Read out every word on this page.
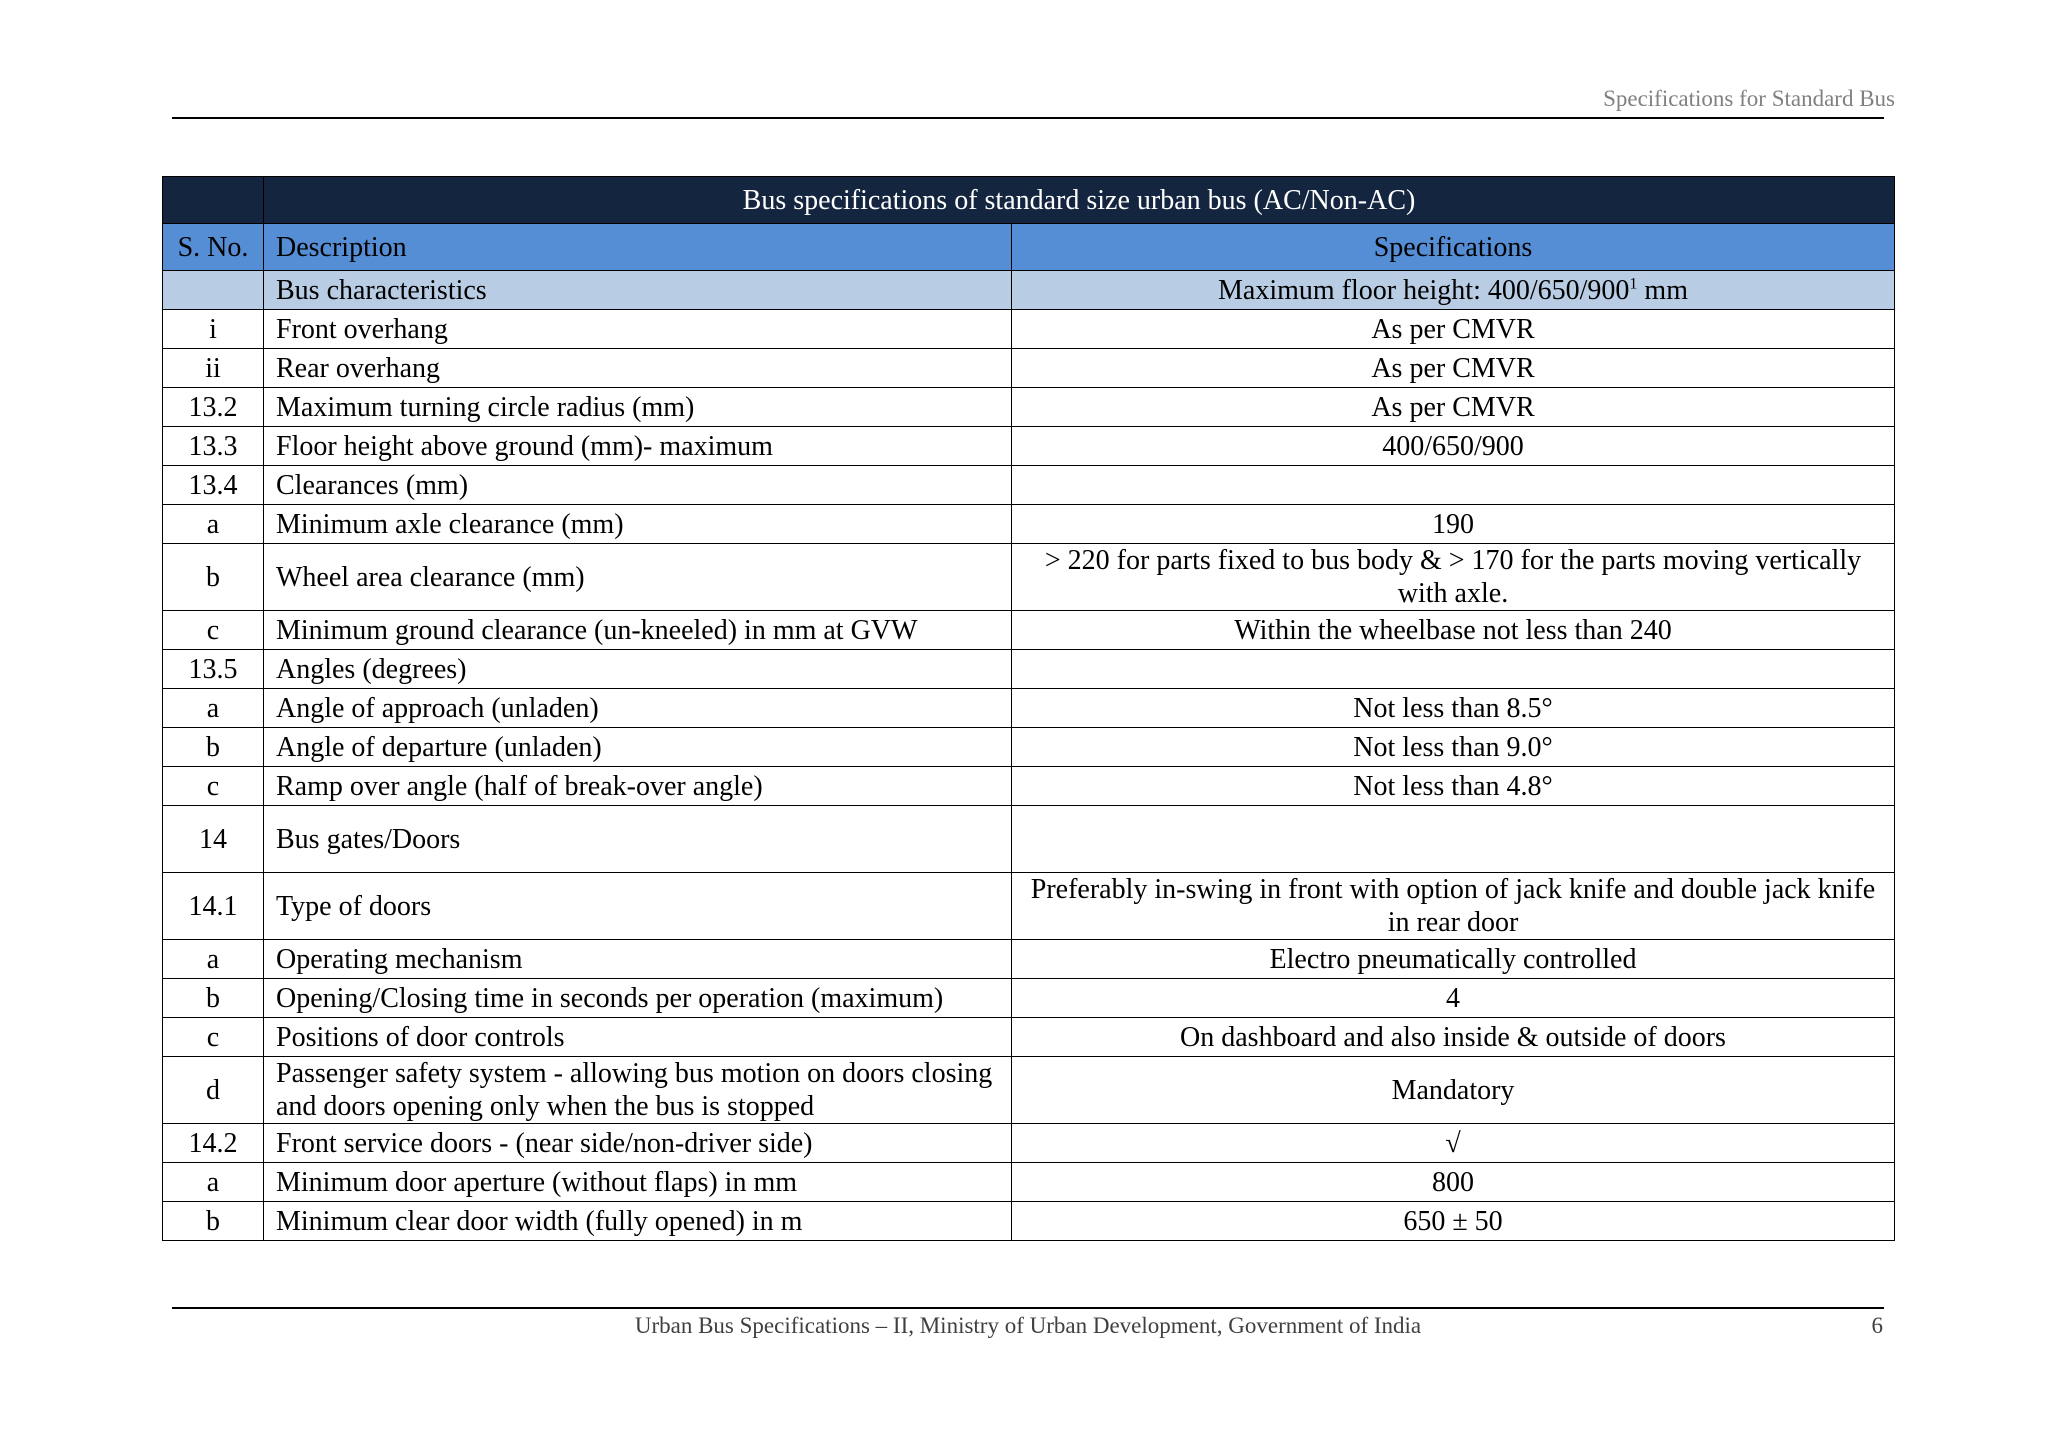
Specifications for Standard Bus
	Bus specifications of standard size urban bus (AC/Non-AC)	
S. No.	Description	Specifications
	Bus characteristics	Maximum floor height: $400/650/900^1$ mm
i	Front overhang	As per CMVR
ii	Rear overhang	As per CMVR
13.2	Maximum turning circle radius (mm)	As per CMVR
13.3	Floor height above ground (mm)- maximum	400/650/900
13.4	Clearances (mm)	
a	Minimum axle clearance (mm)	190
b	Wheel area clearance (mm)	> 220 for parts fixed to bus body & > 170 for the parts moving vertically with axle.
c	Minimum ground clearance (un-kneeled) in mm at GVW	Within the wheelbase not less than 240
13.5	Angles (degrees)	
a	Angle of approach (unladen)	Not less than 8.5°
b	Angle of departure (unladen)	Not less than 9.0°
c	Ramp over angle (half of break-over angle)	Not less than 4.8°
14	Bus gates/Doors	
14.1	Type of doors	Preferably in-swing in front with option of jack knife and double jack knife in rear door
a	Operating mechanism	Electro pneumatically controlled
b	Opening/Closing time in seconds per operation (maximum)	4
c	Positions of door controls	On dashboard and also inside & outside of doors
d	Passenger safety system - allowing bus motion on doors closing and doors opening only when the bus is stopped	Mandatory
14.2	Front service doors - (near side/non-driver side)	√
a	Minimum door aperture (without flaps) in mm	800
b	Minimum clear door width (fully opened) in m	650 ± 50
Urban Bus Specifications – II, Ministry of Urban Development, Government of India	6
